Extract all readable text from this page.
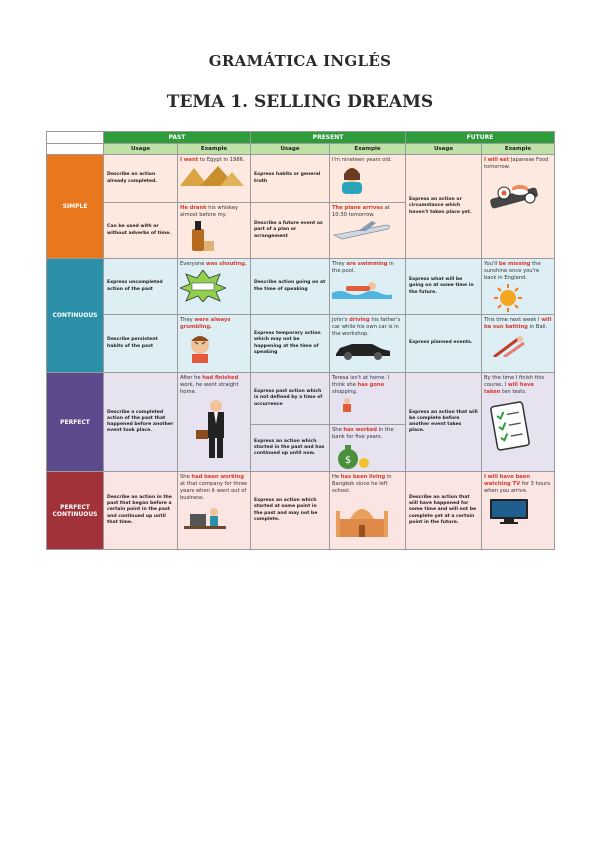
GRAMÁTICA INGLÉS
TEMA 1. SELLING DREAMS
	PAST		PRESENT		FUTURE	
	Usage	Example	Usage	Example	Usage	Example
SIMPLE	Describe an action already completed.	I went to Egypt in 1986.	Express habits or general truth	I'm nineteen years old.	Express an action or circumstance which haven't taken place yet.	I will eat Japanese Food tomorrow.

	Can be used with or without adverbs of time.	He drank his whiskey almost before my.	Describe a future event as part of a plan or arrangement	The plane arrives at 10:30 tomorrow.		

CONTINUOUS	Express uncompleted action of the past	Everyone was shouting.	Describe action going on at the time of speaking	They are swimming in the pool.	Express what will be going on at some time in the future.	You'll be missing the sunshine once you're back in England.

	Describe persistent habits of the past	They were always grumbling.	Express temporary action which may not be happening at the time of speaking	John's driving his father's car while his own car is in the workshop.	Express planned events.	This time next week I will be sun bathing in Bali.

PERFECT	Describe a completed action of the past that happened before another event took place.	After he had finished work, he went straight home.	Express past action which is not defined by a time of occurrence	Teresa isn't at home. I think she has gone shopping.	Express an action that will be complete before another event takes place.	By the time I finish this course, I will have taken ten tests.

			Express an action which started in the past and has continued up until now.	She has worked in the bank for five years.
$		

PERFECT CONTINUOUS	Describe an action in the past that began before a certain point in the past and continued up until that time.	She had been working at that company for three years when it went out of business.	Express an action which started at some point in the past and may not be complete.	He has been living in Bangkok since he left school.	Describe an action that will have happened for some time and will not be complete yet at a certain point in the future.	I will have been watching TV for 3 hours when you arrive.
